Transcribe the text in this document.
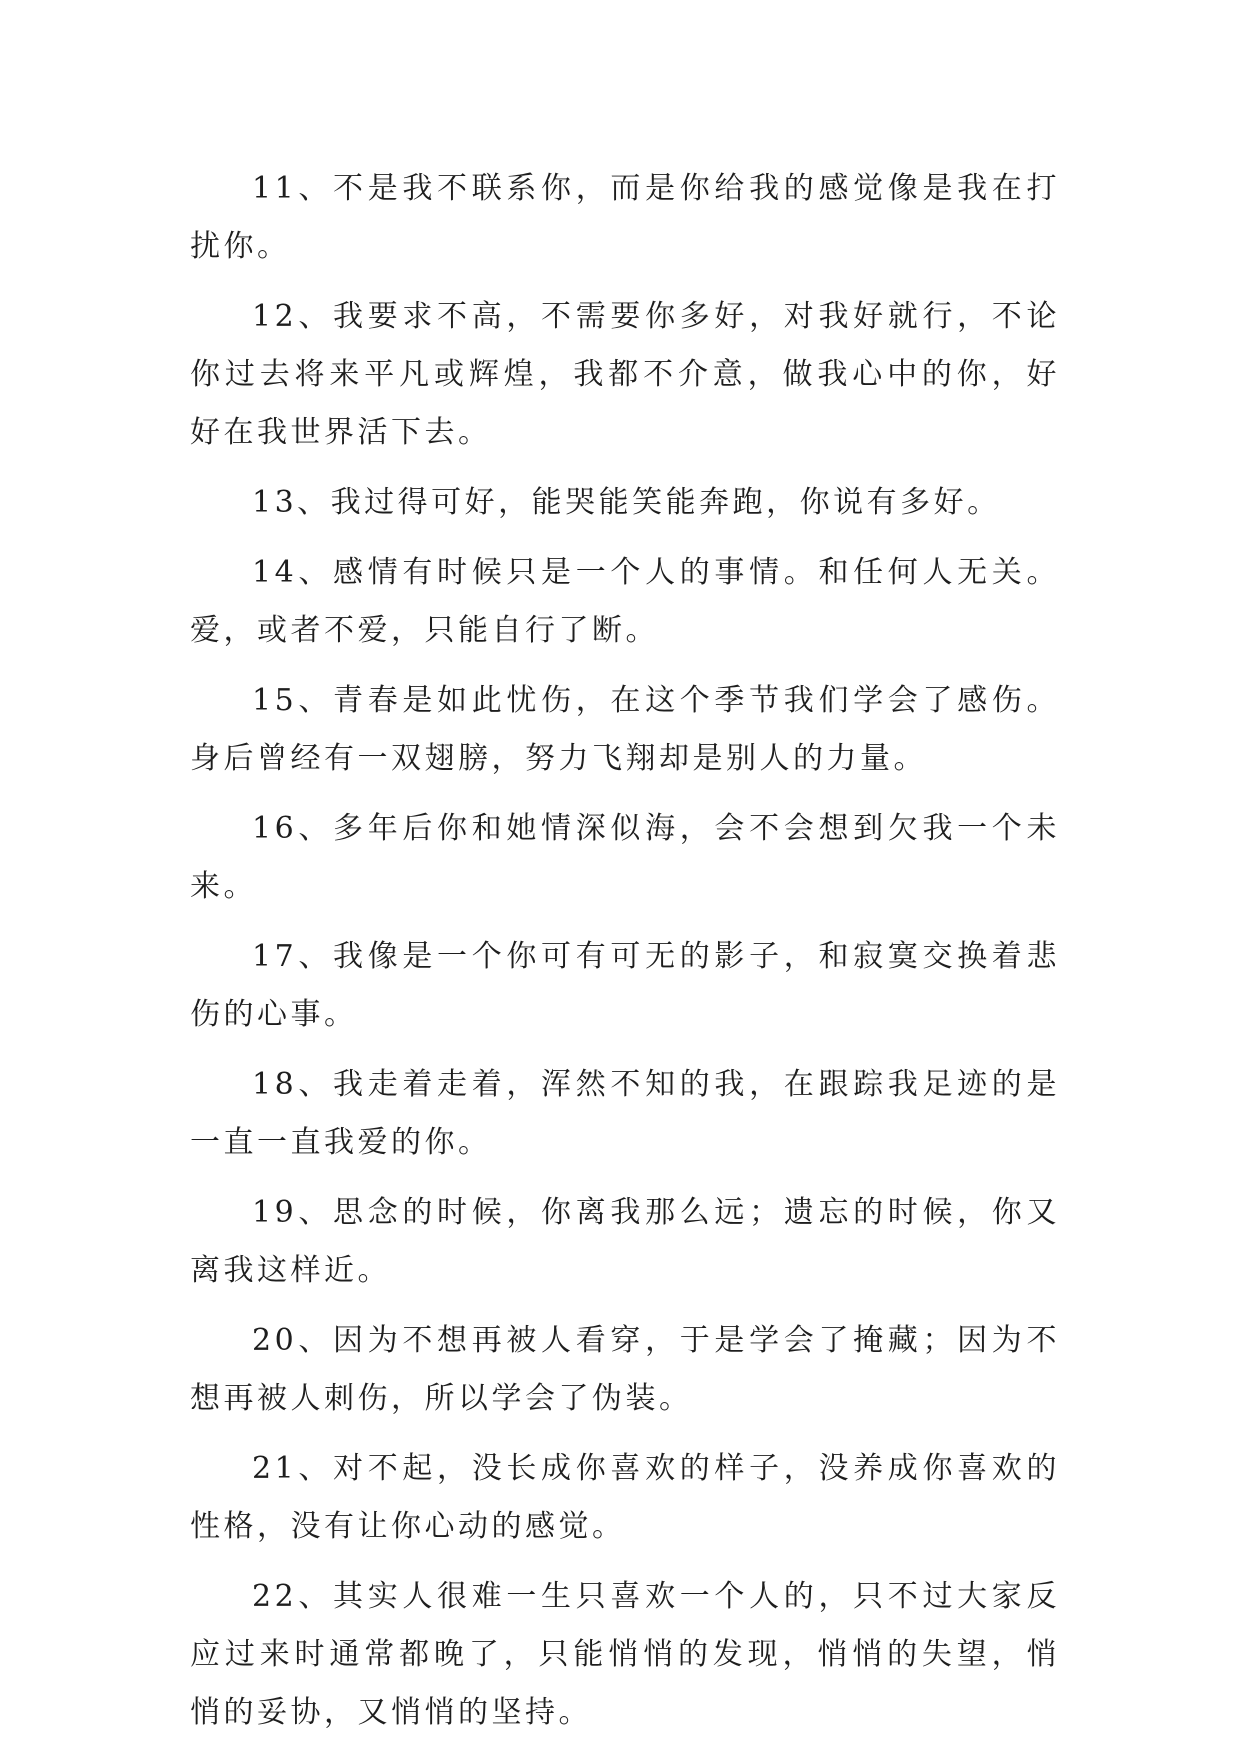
11、不是我不联系你，而是你给我的感觉像是我在打扰你。

12、我要求不高，不需要你多好，对我好就行，不论你过去将来平凡或辉煌，我都不介意，做我心中的你，好好在我世界活下去。

13、我过得可好，能哭能笑能奔跑，你说有多好。

14、感情有时候只是一个人的事情。和任何人无关。爱，或者不爱，只能自行了断。

15、青春是如此忧伤，在这个季节我们学会了感伤。身后曾经有一双翅膀，努力飞翔却是别人的力量。

16、多年后你和她情深似海，会不会想到欠我一个未来。

17、我像是一个你可有可无的影子，和寂寞交换着悲伤的心事。

18、我走着走着，浑然不知的我，在跟踪我足迹的是一直一直我爱的你。

19、思念的时候，你离我那么远；遗忘的时候，你又离我这样近。

20、因为不想再被人看穿，于是学会了掩藏；因为不想再被人刺伤，所以学会了伪装。

21、对不起，没长成你喜欢的样子，没养成你喜欢的性格，没有让你心动的感觉。

22、其实人很难一生只喜欢一个人的，只不过大家反应过来时通常都晚了，只能悄悄的发现，悄悄的失望，悄悄的妥协，又悄悄的坚持。
